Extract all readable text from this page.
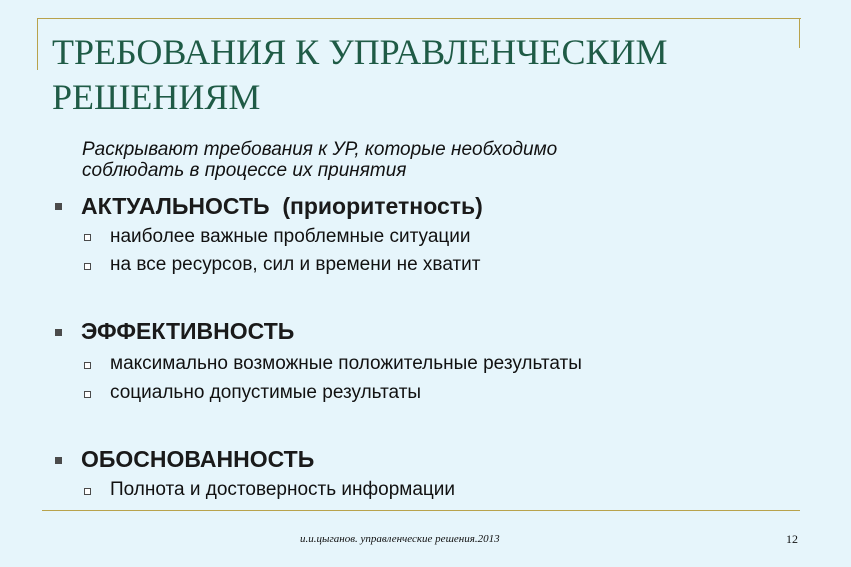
ТРЕБОВАНИЯ К УПРАВЛЕНЧЕСКИМ
РЕШЕНИЯМ
Раскрывают требования к УР, которые необходимо
соблюдать в процессе их принятия
АКТУАЛЬНОСТЬ (приоритетность)
наиболее важные проблемные ситуации
на все ресурсов, сил и времени не хватит
ЭФФЕКТИВНОСТЬ
максимально возможные положительные результаты
социально допустимые результаты
ОБОСНОВАННОСТЬ
Полнота и достоверность информации
и.и.цыганов. управленческие решения.2013	12
